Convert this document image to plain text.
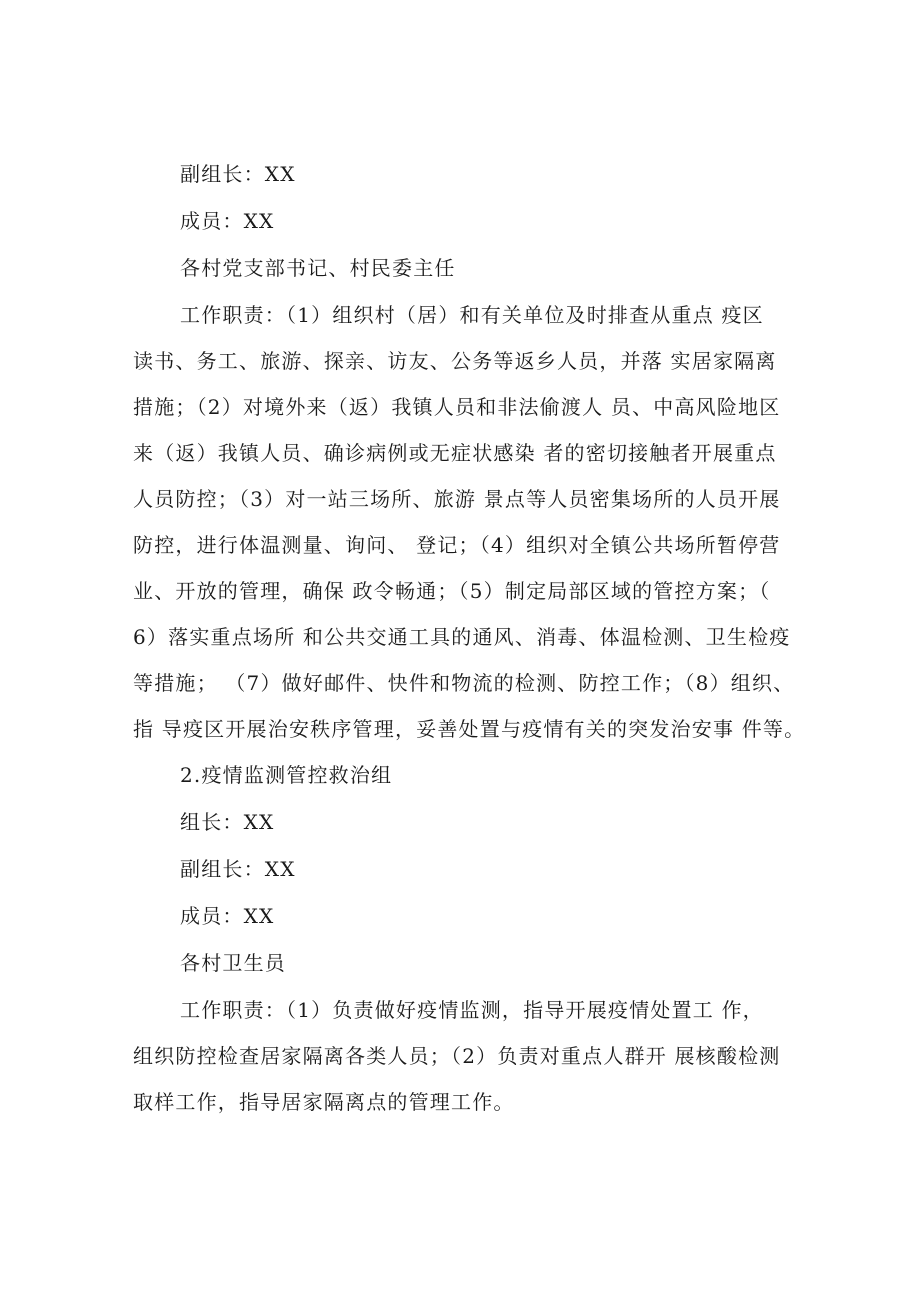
副组长：XX
成员：XX
各村党支部书记、村民委主任
工作职责：（1）组织村（居）和有关单位及时排查从重点 疫区
读书、务工、旅游、探亲、访友、公务等返乡人员，并落 实居家隔离
措施；（2）对境外来（返）我镇人员和非法偷渡人 员、中高风险地区
来（返）我镇人员、确诊病例或无症状感染 者的密切接触者开展重点
人员防控；（3）对一站三场所、旅游 景点等人员密集场所的人员开展
防控，进行体温测量、询问、 登记；（4）组织对全镇公共场所暂停营
业、开放的管理，确保 政令畅通；（5）制定局部区域的管控方案；（
6）落实重点场所 和公共交通工具的通风、消毒、体温检测、卫生检疫
等措施； （7）做好邮件、快件和物流的检测、防控工作；（8）组织、
指 导疫区开展治安秩序管理，妥善处置与疫情有关的突发治安事 件等。
2.疫情监测管控救治组
组长：XX
副组长：XX
成员：XX
各村卫生员
工作职责：（1）负责做好疫情监测，指导开展疫情处置工 作，
组织防控检查居家隔离各类人员；（2）负责对重点人群开 展核酸检测
取样工作，指导居家隔离点的管理工作。
